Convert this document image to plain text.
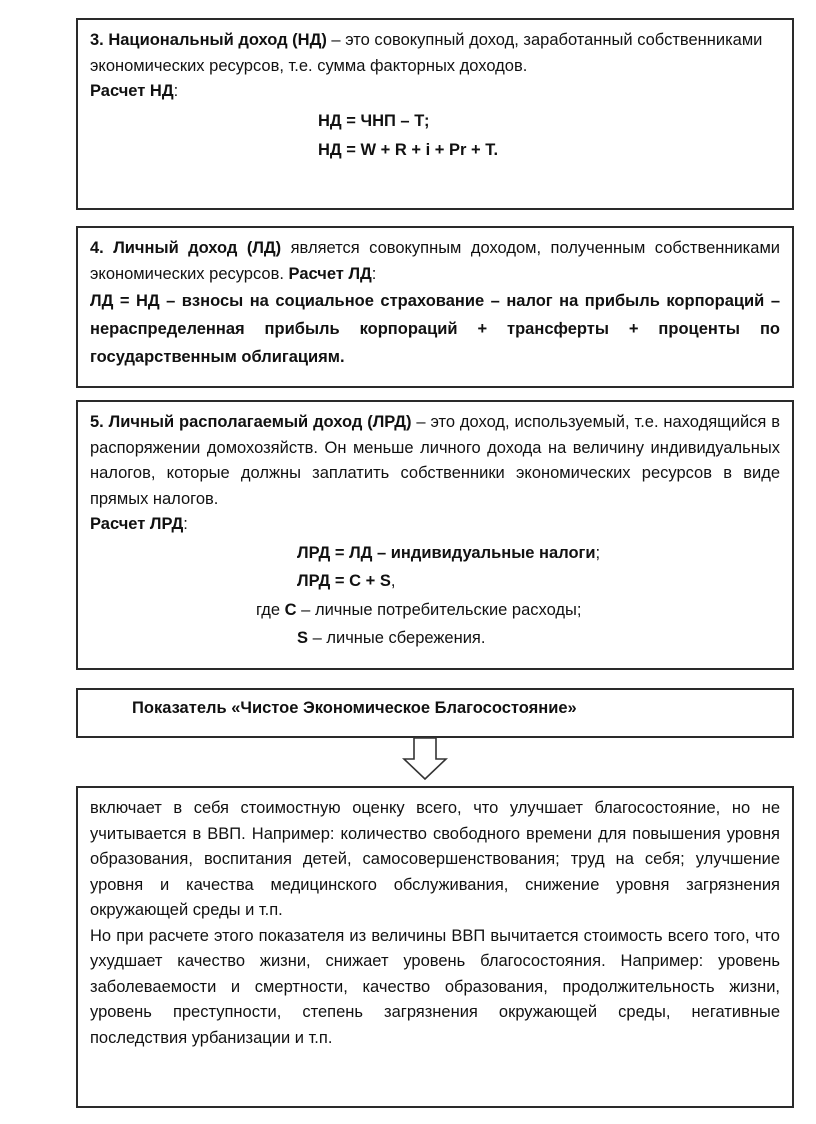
3. Национальный доход (НД) – это совокупный доход, заработанный собственниками экономических ресурсов, т.е. сумма факторных доходов.

Расчет НД:

НД = ЧНП – Т;

НД = W + R + i + Pr + T.

4. Личный доход (ЛД) является совокупным доходом, полученным собственниками экономических ресурсов. Расчет ЛД:

ЛД = НД – взносы на социальное страхование – налог на прибыль корпораций – нераспределенная прибыль корпораций + трансферты + проценты по государственным облигациям.

5. Личный располагаемый доход (ЛРД) – это доход, используемый, т.е. находящийся в распоряжении домохозяйств. Он меньше личного дохода на величину индивидуальных налогов, которые должны заплатить собственники экономических ресурсов в виде прямых налогов.

Расчет ЛРД:

ЛРД = ЛД – индивидуальные налоги;

ЛРД = C + S,

где С – личные потребительские расходы;

S – личные сбережения.

Показатель «Чистое Экономическое Благосостояние»

включает в себя стоимостную оценку всего, что улучшает благосостояние, но не учитывается в ВВП. Например: количество свободного времени для повышения уровня образования, воспитания детей, самосовершенствования; труд на себя; улучшение уровня и качества медицинского обслуживания, снижение уровня загрязнения окружающей среды и т.п.

Но при расчете этого показателя из величины ВВП вычитается стоимость всего того, что ухудшает качество жизни, снижает уровень благосостояния. Например: уровень заболеваемости и смертности, качество образования, продолжительность жизни, уровень преступности, степень загрязнения окружающей среды, негативные последствия урбанизации и т.п.
